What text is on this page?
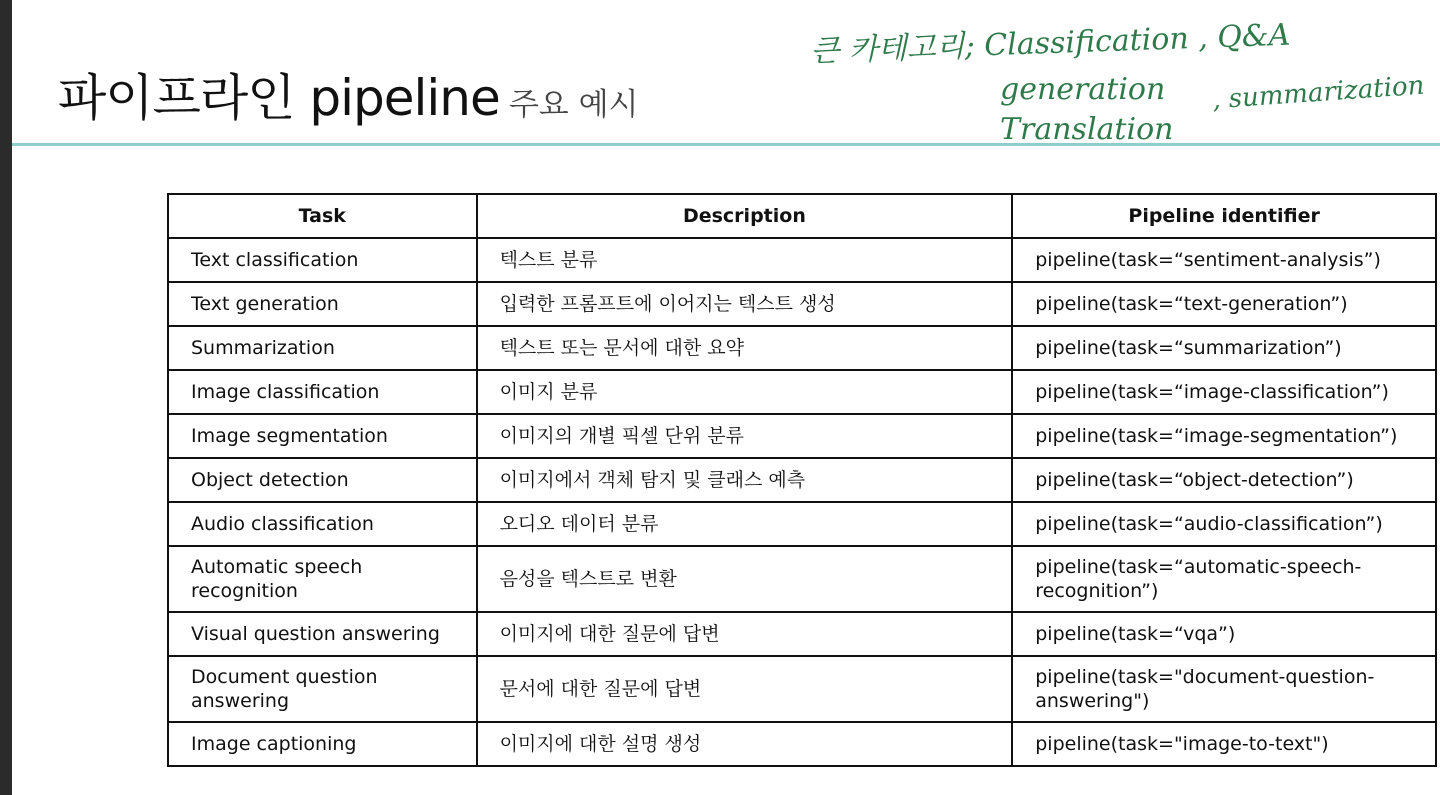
파이프라인 pipeline 주요 예시
큰 카테고리; Classification , Q&A
generation , summarization
Translation
Task	Description	Pipeline identifier
Text classification	텍스트 분류	pipeline(task=“sentiment-analysis”)
Text generation	입력한 프롬프트에 이어지는 텍스트 생성	pipeline(task=“text-generation”)
Summarization	텍스트 또는 문서에 대한 요약	pipeline(task=“summarization”)
Image classification	이미지 분류	pipeline(task=“image-classification”)
Image segmentation	이미지의 개별 픽셀 단위 분류	pipeline(task=“image-segmentation”)
Object detection	이미지에서 객체 탐지 및 클래스 예측	pipeline(task=“object-detection”)
Audio classification	오디오 데이터 분류	pipeline(task=“audio-classification”)
Automatic speech recognition	음성을 텍스트로 변환	pipeline(task=“automatic-speech-recognition”)
Visual question answering	이미지에 대한 질문에 답변	pipeline(task=“vqa”)
Document question answering	문서에 대한 질문에 답변	pipeline(task="document-question-answering")
Image captioning	이미지에 대한 설명 생성	pipeline(task="image-to-text")
